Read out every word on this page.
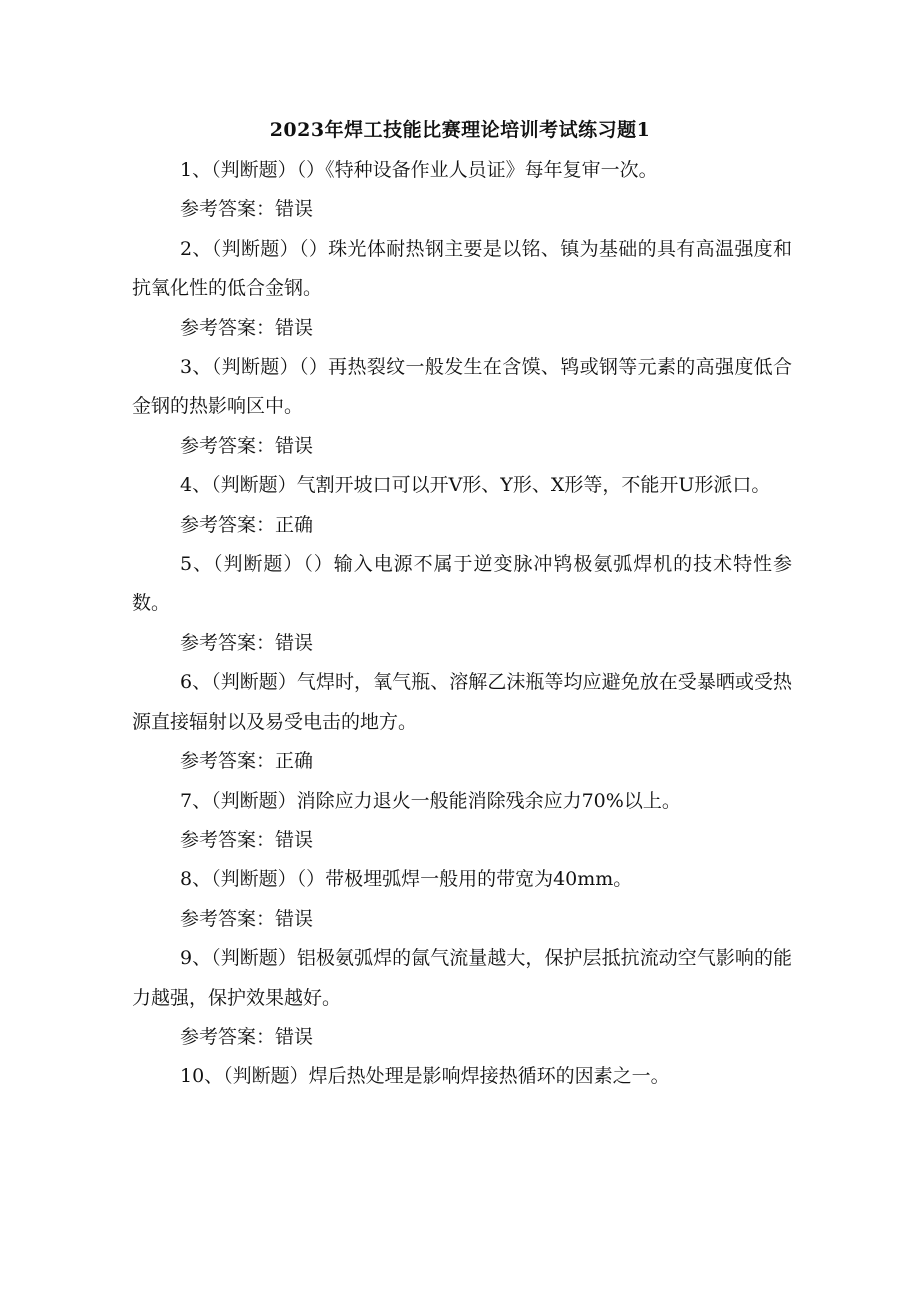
2023年焊工技能比赛理论培训考试练习题1

1、（判断题）（）《特种设备作业人员证》每年复审一次。

参考答案：错误

2、（判断题）（）珠光体耐热钢主要是以铭、镇为基础的具有高温强度和抗氧化性的低合金钢。

参考答案：错误

3、（判断题）（）再热裂纹一般发生在含馍、鸨或钢等元素的高强度低合金钢的热影响区中。

参考答案：错误

4、（判断题）气割开坡口可以开V形、Y形、X形等，不能开U形派口。

参考答案：正确

5、（判断题）（）输入电源不属于逆变脉冲鸨极氨弧焊机的技术特性参数。

参考答案：错误

6、（判断题）气焊时，氧气瓶、溶解乙沫瓶等均应避免放在受暴晒或受热源直接辐射以及易受电击的地方。

参考答案：正确

7、（判断题）消除应力退火一般能消除残余应力70%以上。

参考答案：错误

8、（判断题）（）带极埋弧焊一般用的带宽为40mm。

参考答案：错误

9、（判断题）铝极氨弧焊的氤气流量越大，保护层抵抗流动空气影响的能力越强，保护效果越好。

参考答案：错误

10、（判断题）焊后热处理是影响焊接热循环的因素之一。
